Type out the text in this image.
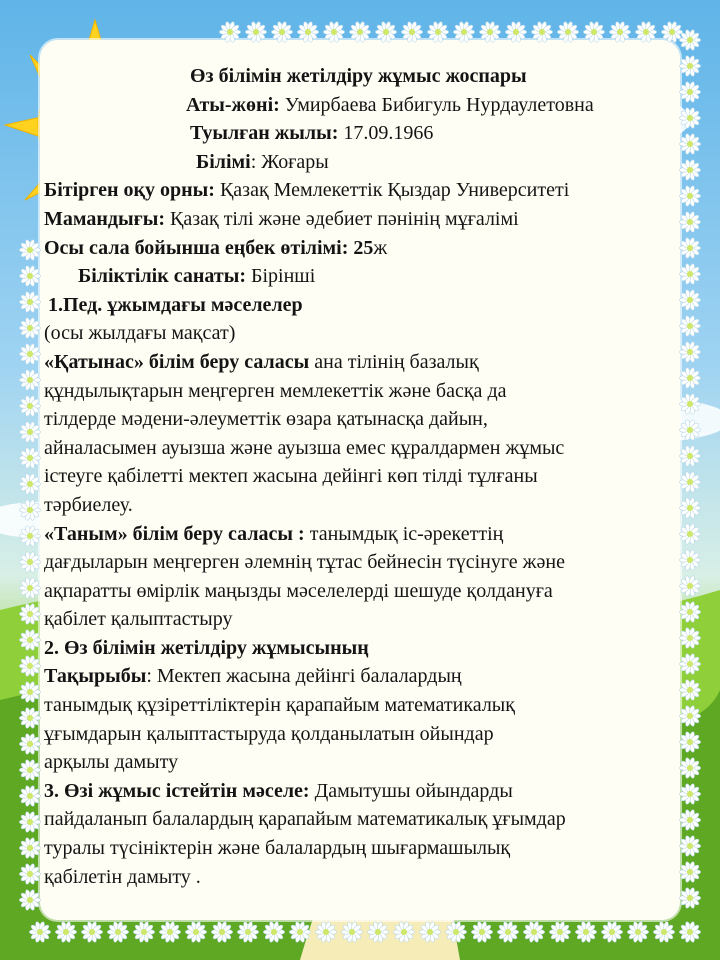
Өз білімін жетілдіру жұмыс жоспары

Аты-жөні: Умирбаева Бибигуль Нурдаулетовна

Туылған жылы: 17.09.1966

Білімі: Жоғары

Бітірген оқу орны: Қазақ Мемлекеттік Қыздар Университеті

Мамандығы: Қазақ тілі және әдебиет пәнінің мұғалімі

Осы сала бойынша еңбек өтілімі: 25ж

Біліктілік санаты: Бірінші

1.Пед. ұжымдағы мәселелер

(осы жылдағы мақсат)

«Қатынас» білім беру саласы ана тілінің базалық

құндылықтарын меңгерген мемлекеттік және басқа да

тілдерде мәдени-әлеуметтік өзара қатынасқа дайын,

айналасымен ауызша және ауызша емес құралдармен жұмыс

істеуге қабілетті мектеп жасына дейінгі көп тілді тұлғаны

тәрбиелеу.

«Таным» білім беру саласы : танымдық іс-әрекеттің

дағдыларын меңгерген әлемнің тұтас бейнесін түсінуге және

ақпаратты өмірлік маңызды мәселелерді шешуде қолдануға

қабілет қалыптастыру

2. Өз білімін жетілдіру жұмысының

Тақырыбы: Мектеп жасына дейінгі балалардың

танымдық құзіреттіліктерін қарапайым математикалық

ұғымдарын қалыптастыруда қолданылатын ойындар

арқылы дамыту

3. Өзі жұмыс істейтін мәселе: Дамытушы ойындарды

пайдаланып балалардың қарапайым математикалық ұғымдар

туралы түсініктерін және балалардың шығармашылық

қабілетін дамыту .
